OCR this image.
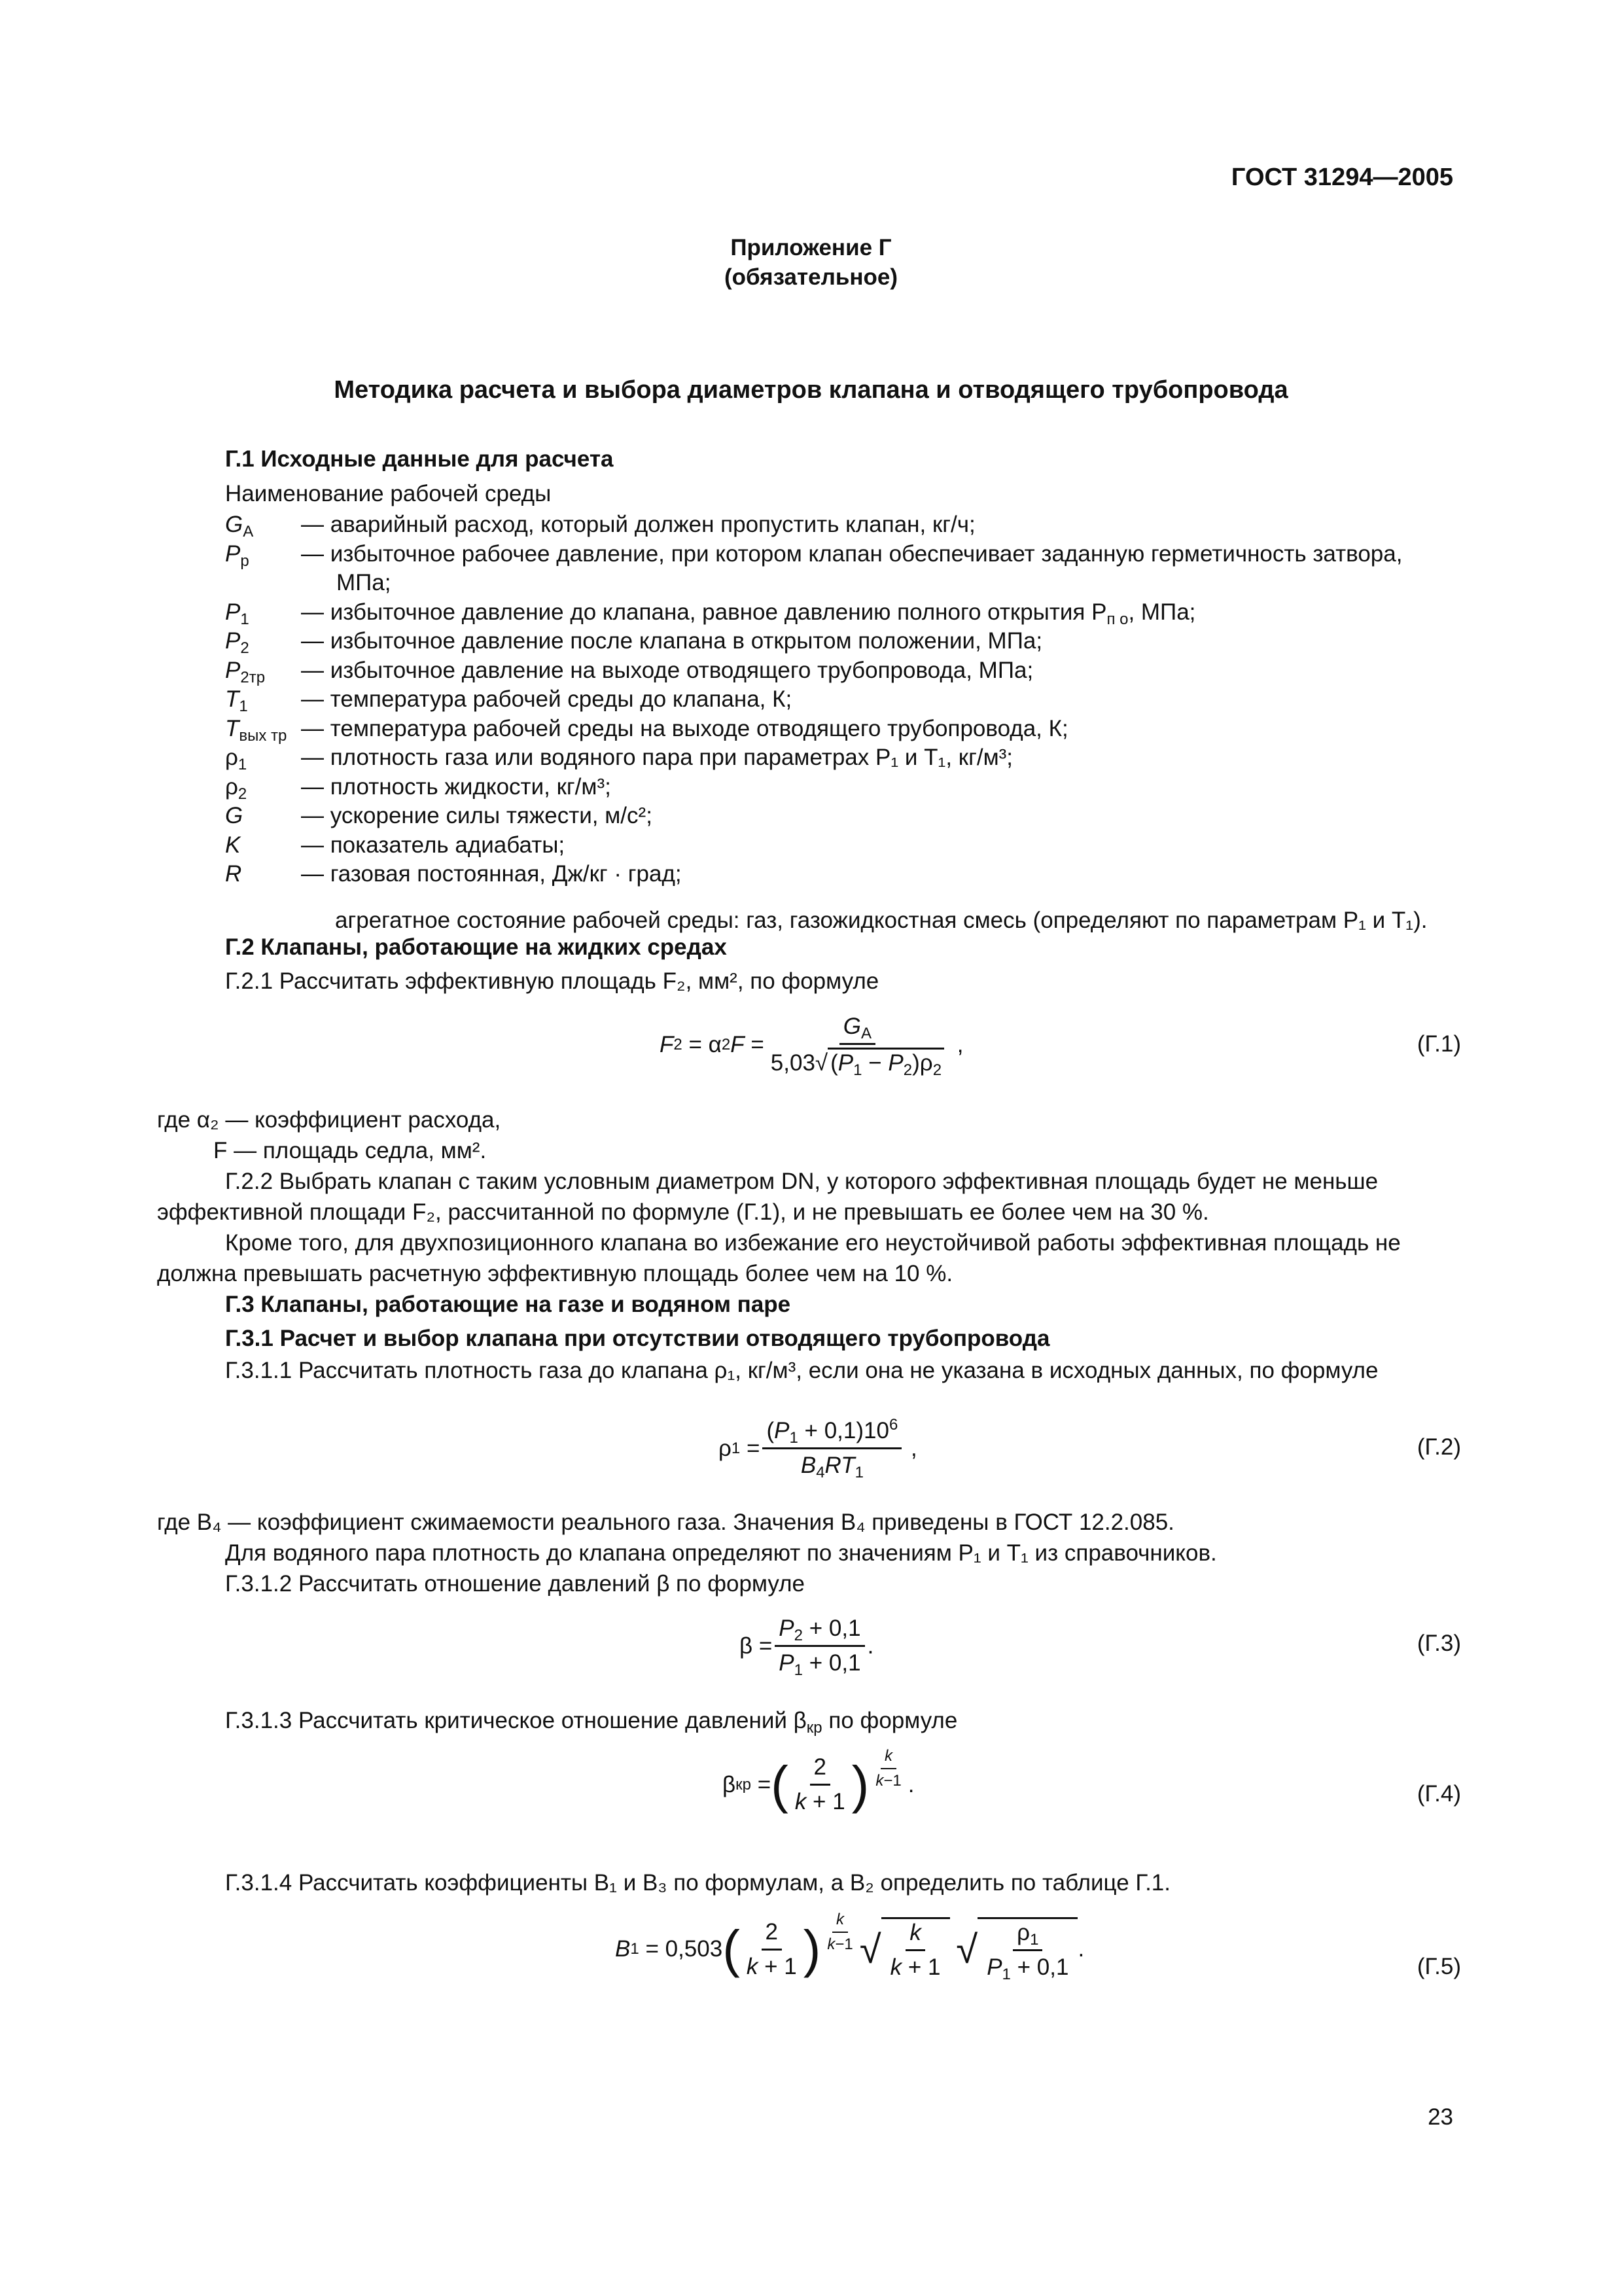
ГОСТ 31294—2005
Приложение Г
(обязательное)
Методика расчета и выбора диаметров клапана и отводящего трубопровода
Г.1 Исходные данные для расчета
Наименование рабочей среды
$G_A$ — аварийный расход, который должен пропустить клапан, кг/ч;
$P_р$ — избыточное рабочее давление, при котором клапан обеспечивает заданную герметичность затвора,
МПа;
$P_1$ — избыточное давление до клапана, равное давлению полного открытия $P_{п о}$, МПа;
$P_2$ — избыточное давление после клапана в открытом положении, МПа;
$P_{2тр}$ — избыточное давление на выходе отводящего трубопровода, МПа;
$T_1$ — температура рабочей среды до клапана, К;
$T_{вых тр}$ — температура рабочей среды на выходе отводящего трубопровода, К;
$\rho_1$ — плотность газа или водяного пара при параметрах P₁ и T₁, кг/м³;
$\rho_2$ — плотность жидкости, кг/м³;
G	— ускорение силы тяжести, м/с²;
K	— показатель адиабаты;
R	— газовая постоянная, Дж/кг · град;
агрегатное состояние рабочей среды: газ, газожидкостная смесь (определяют по параметрам P₁ и T₁).
Г.2 Клапаны, работающие на жидких средах
Г.2.1 Рассчитать эффективную площадь F₂, мм², по формуле
F 2 = α 2 $F = \frac{G_A}{5,03√ (P_1 - P_2)\rho_2}$ ,	(Г.1)
где α₂ — коэффициент расхода,
F — площадь седла, мм².
Г.2.2 Выбрать клапан с таким условным диаметром DN, у которого эффективная площадь будет не меньше
эффективной площади F₂, рассчитанной по формуле (Г.1), и не превышать ее более чем на 30 %.
Кроме того, для двухпозиционного клапана во избежание его неустойчивой работы эффективная площадь не
должна превышать расчетную эффективную площадь более чем на 10 %.
Г.3 Клапаны, работающие на газе и водяном паре
Г.3.1 Расчет и выбор клапана при отсутствии отводящего трубопровода
Г.3.1.1 Рассчитать плотность газа до клапана ρ₁, кг/м³, если она не указана в исходных данных, по формуле
ρ $1 = \frac{(P_1 + 0,1)10^6}{B_4RT_1}$ ,	(Г.2)
где B₄ — коэффициент сжимаемости реального газа. Значения B₄ приведены в ГОСТ 12.2.085.
Для водяного пара плотность до клапана определяют по значениям P₁ и T₁ из справочников.
Г.3.1.2 Рассчитать отношение давлений β по формуле
$\beta = \frac{P_2 + 0,1}{P_1 + 0,1}$ .	(Г.3)
Г.3.1.3 Рассчитать критическое отношение давлений $\beta_{кр}$ по формуле
β кр = ( $\frac{2}{k + 1}$ ) $\frac{k}{k-1}$ .	(Г.4)
Г.3.1.4 Рассчитать коэффициенты B₁ и B₃ по формулам, а B₂ определить по таблице Г.1.
B 1 = 0,503 ( $\frac{2}{k + 1}$ ) $\frac{k}{k-1}$ √ $\frac{k}{k + 1}$
√ $\frac{\rho_1}{P_1 + 0,1}$ .
(Г.5)
23
